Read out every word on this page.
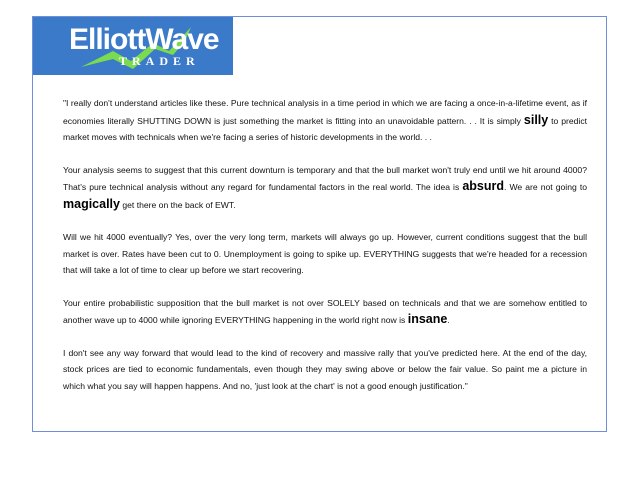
ElliottWave
TRADER

"I really don't understand articles like these. Pure technical analysis in a time period in which we are facing a once-in-a-lifetime event, as if economies literally SHUTTING DOWN is just something the market is fitting into an unavoidable pattern. . . It is simply silly to predict market moves with technicals when we're facing a series of historic developments in the world. . .

Your analysis seems to suggest that this current downturn is temporary and that the bull market won't truly end until we hit around 4000? That's pure technical analysis without any regard for fundamental factors in the real world. The idea is absurd. We are not going to magically get there on the back of EWT.

Will we hit 4000 eventually? Yes, over the very long term, markets will always go up. However, current conditions suggest that the bull market is over. Rates have been cut to 0. Unemployment is going to spike up. EVERYTHING suggests that we're headed for a recession that will take a lot of time to clear up before we start recovering.

Your entire probabilistic supposition that the bull market is not over SOLELY based on technicals and that we are somehow entitled to another wave up to 4000 while ignoring EVERYTHING happening in the world right now is insane.

I don't see any way forward that would lead to the kind of recovery and massive rally that you've predicted here. At the end of the day, stock prices are tied to economic fundamentals, even though they may swing above or below the fair value. So paint me a picture in which what you say will happen happens. And no, 'just look at the chart' is not a good enough justification."
